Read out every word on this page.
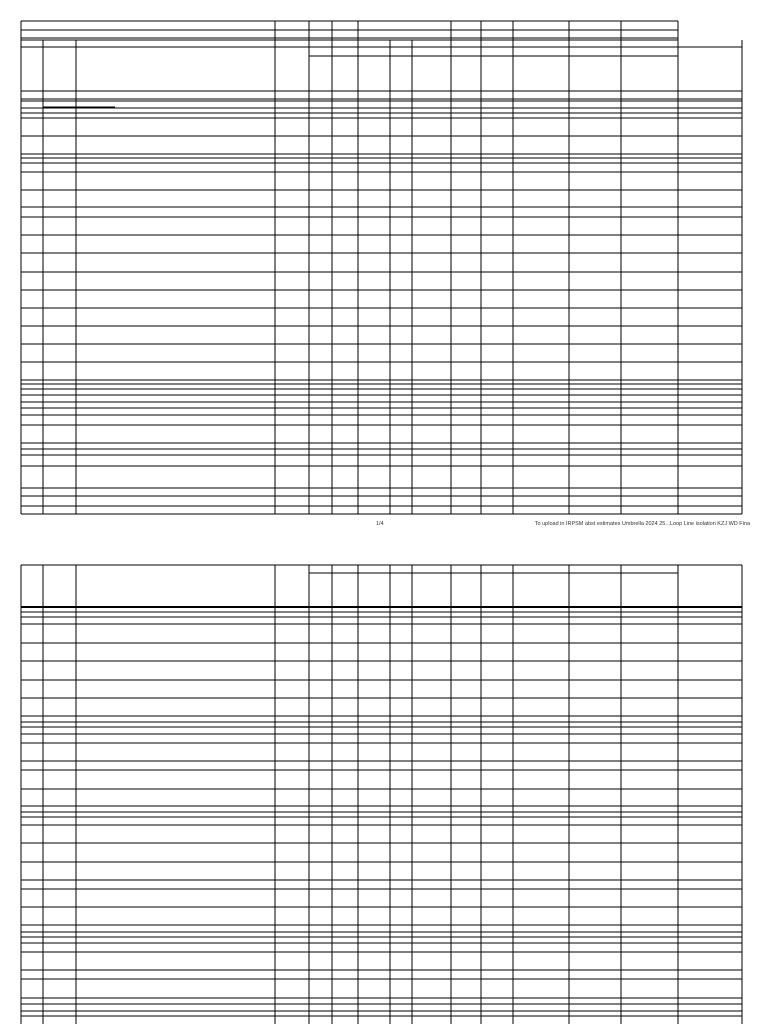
1/4	To upload in IRPSM abst estimates Umbrella 2024 25...Loop Line isolation KZJ WD Fina
